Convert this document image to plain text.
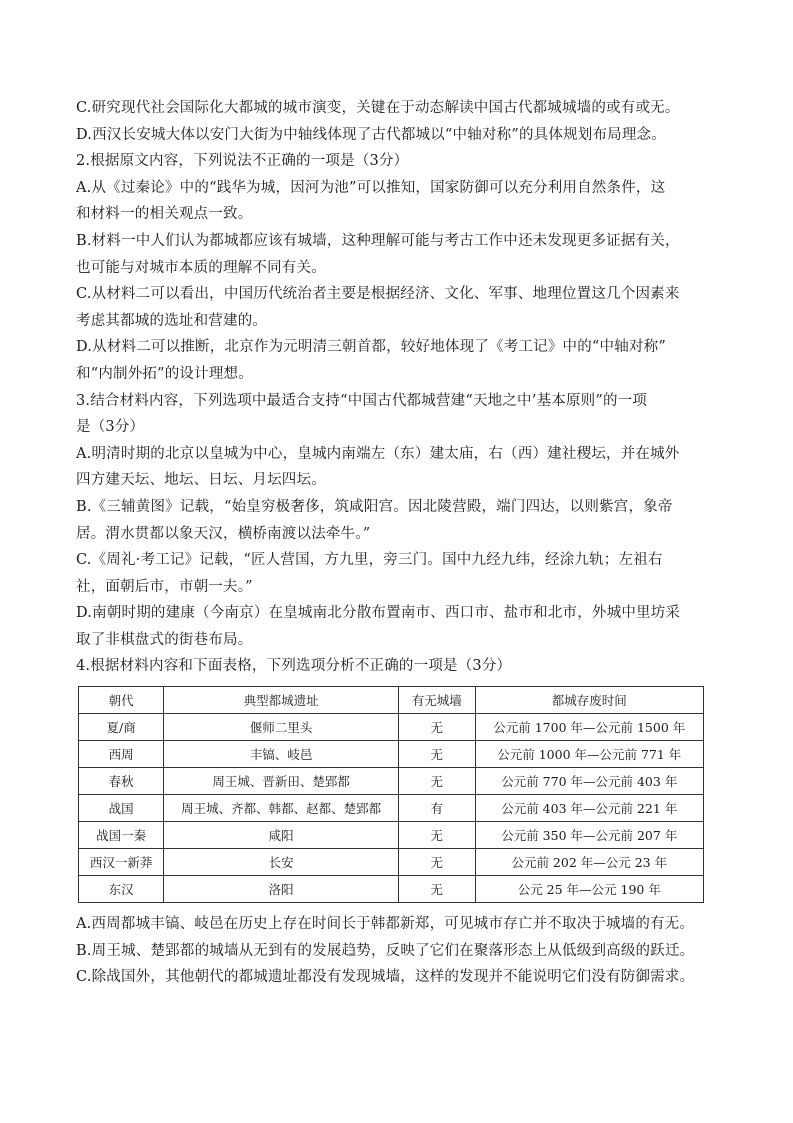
C.研究现代社会国际化大都城的城市演变，关键在于动态解读中国古代都城城墙的或有或无。
D.西汉长安城大体以安门大街为中轴线体现了古代都城以“中轴对称”的具体规划布局理念。
2.根据原文内容，下列说法不正确的一项是（3分）
A.从《过秦论》中的“践华为城，因河为池”可以推知，国家防御可以充分利用自然条件，这
和材料一的相关观点一致。
B.材料一中人们认为都城都应该有城墙，这种理解可能与考古工作中还未发现更多证据有关，
也可能与对城市本质的理解不同有关。
C.从材料二可以看出，中国历代统治者主要是根据经济、文化、军事、地理位置这几个因素来
考虑其都城的选址和营建的。
D.从材料二可以推断，北京作为元明清三朝首都，较好地体现了《考工记》中的“中轴对称”
和“内制外拓”的设计理想。
3.结合材料内容，下列选项中最适合支持“中国古代都城营建“天地之中’基本原则”的一项
是（3分）
A.明清时期的北京以皇城为中心，皇城内南端左（东）建太庙，右（西）建社稷坛，并在城外
四方建天坛、地坛、日坛、月坛四坛。
B.《三辅黄图》记载，“始皇穷极奢侈，筑咸阳宫。因北陵营殿，端门四达，以则紫宫，象帝
居。渭水贯都以象天汉，横桥南渡以法牵牛。”
C.《周礼·考工记》记载，“匠人营国，方九里，旁三门。国中九经九纬，经涂九轨；左祖右
社，面朝后市，市朝一夫。”
D.南朝时期的建康（今南京）在皇城南北分散布置南市、西口市、盐市和北市，外城中里坊采
取了非棋盘式的街巷布局。
4.根据材料内容和下面表格，下列选项分析不正确的一项是（3分）
朝代	典型都城遗址	有无城墙	都城存废时间
夏/商	偃师二里头	无	公元前 1700 年—公元前 1500 年
西周	丰镐、岐邑	无	公元前 1000 年—公元前 771 年
春秋	周王城、晋新田、楚郢都	无	公元前 770 年—公元前 403 年
战国	周王城、齐都、韩都、赵都、楚郢都	有	公元前 403 年—公元前 221 年
战国一秦	咸阳	无	公元前 350 年—公元前 207 年
西汉一新莽	长安	无	公元前 202 年—公元 23 年
东汉	洛阳	无	公元 25 年—公元 190 年
A.西周都城丰镐、岐邑在历史上存在时间长于韩都新郑，可见城市存亡并不取决于城墙的有无。
B.周王城、楚郢都的城墙从无到有的发展趋势，反映了它们在聚落形态上从低级到高级的跃迁。
C.除战国外，其他朝代的都城遗址都没有发现城墙，这样的发现并不能说明它们没有防御需求。
